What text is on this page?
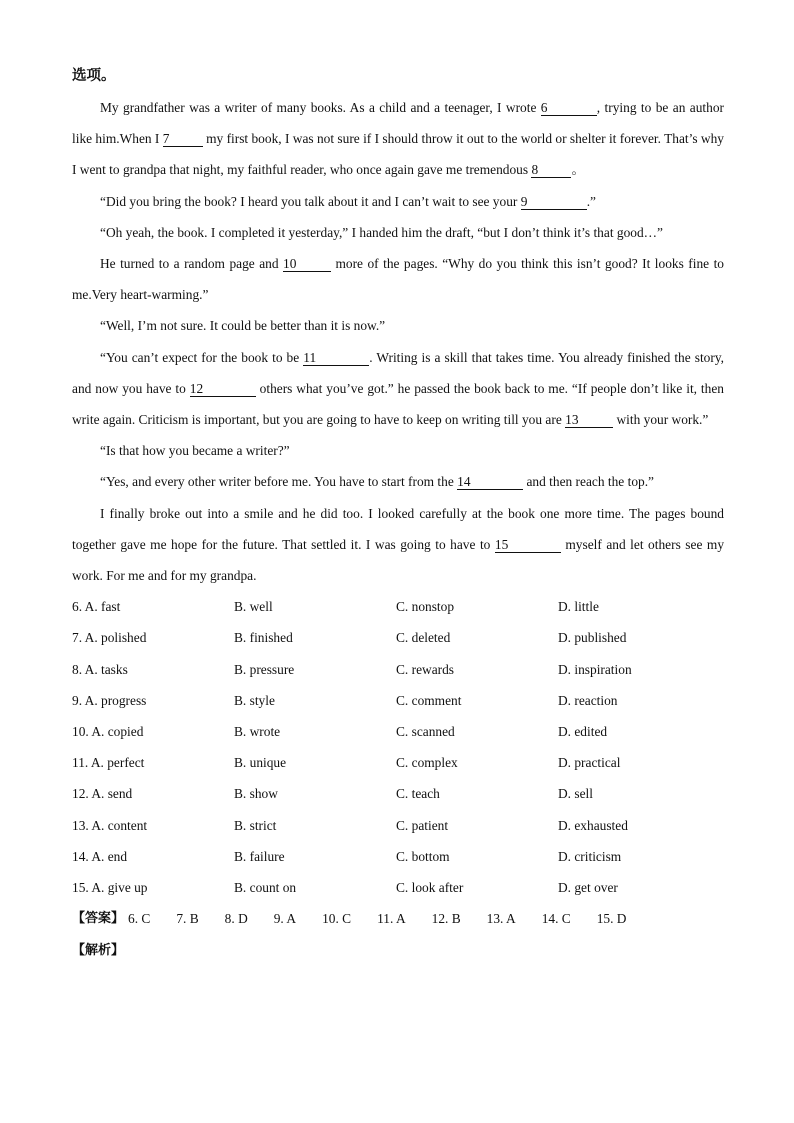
选项。

My grandfather was a writer of many books. As a child and a teenager, I wrote 6	, trying to be an author like him.When I 7 my first book, I was not sure if I should throw it out to the world or shelter it forever. That’s why I went to grandpa that night, my faithful reader, who once again gave me tremendous 8 。

“Did you bring the book? I heard you talk about it and I can’t wait to see your 9	.”

“Oh yeah, the book. I completed it yesterday,” I handed him the draft, “but I don’t think it’s that good…”

He turned to a random page and 10	more of the pages. “Why do you think this isn’t good? It looks fine to me.Very heart-warming.”

“Well, I’m not sure. It could be better than it is now.”

“You can’t expect for the book to be 11	. Writing is a skill that takes time. You already finished the story, and now you have to 12	others what you’ve got.” he passed the book back to me. “If people don’t like it, then write again. Criticism is important, but you are going to have to keep on writing till you are 13	with your work.”

“Is that how you became a writer?”

“Yes, and every other writer before me. You have to start from the 14	and then reach the top.”

I finally broke out into a smile and he did too. I looked carefully at the book one more time. The pages bound together gave me hope for the future. That settled it. I was going to have to 15	myself and let others see my work. For me and for my grandpa.

6. A. fast	B. well	C. nonstop	D. little
7. A. polished	B. finished	C. deleted	D. published
8. A. tasks	B. pressure	C. rewards	D. inspiration
9. A. progress	B. style	C. comment	D. reaction
10. A. copied	B. wrote	C. scanned	D. edited
11. A. perfect	B. unique	C. complex	D. practical
12. A. send	B. show	C. teach	D. sell
13. A. content	B. strict	C. patient	D. exhausted
14. A. end	B. failure	C. bottom	D. criticism
15. A. give up	B. count on	C. look after	D. get over
【答案】 6. C 7. B 8. D 9. A 10. C 11. A 12. B 13. A 14. C 15. D
【解析】
